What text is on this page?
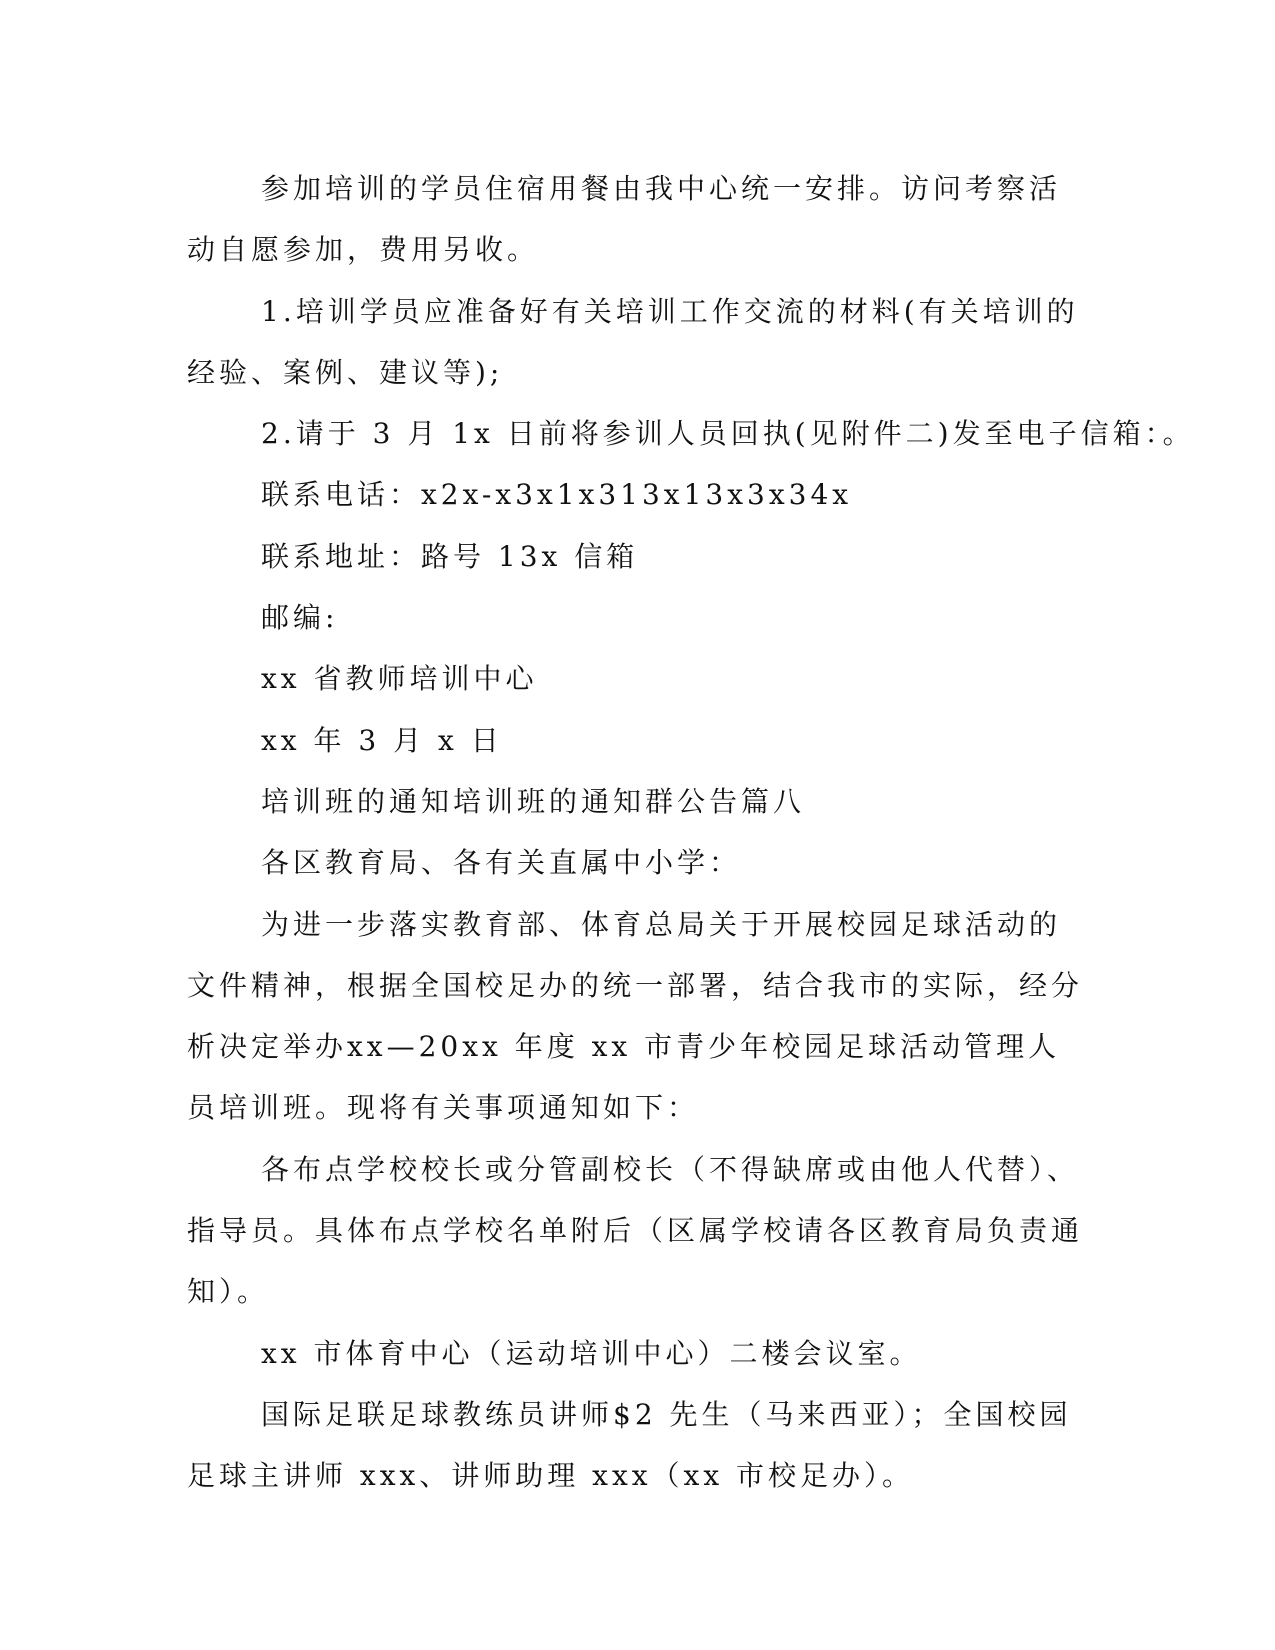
参加培训的学员住宿用餐由我中心统一安排。访问考察活动自愿参加，费用另收。

1.培训学员应准备好有关培训工作交流的材料(有关培训的经验、案例、建议等);

2.请于 3 月 1x 日前将参训人员回执(见附件二)发至电子信箱：。

联系电话：x2x-x3x1x313x13x3x34x

联系地址：路号 13x 信箱

邮编:

xx 省教师培训中心

xx 年 3 月 x 日

培训班的通知培训班的通知群公告篇八

各区教育局、各有关直属中小学：

为进一步落实教育部、体育总局关于开展校园足球活动的文件精神，根据全国校足办的统一部署，结合我市的实际，经分析决定举办xx—20xx 年度 xx 市青少年校园足球活动管理人员培训班。现将有关事项通知如下：

各布点学校校长或分管副校长（不得缺席或由他人代替）、指导员。具体布点学校名单附后（区属学校请各区教育局负责通知）。

xx 市体育中心（运动培训中心）二楼会议室。

国际足联足球教练员讲师$2 先生（马来西亚）；全国校园足球主讲师 xxx、讲师助理 xxx（xx 市校足办）。
